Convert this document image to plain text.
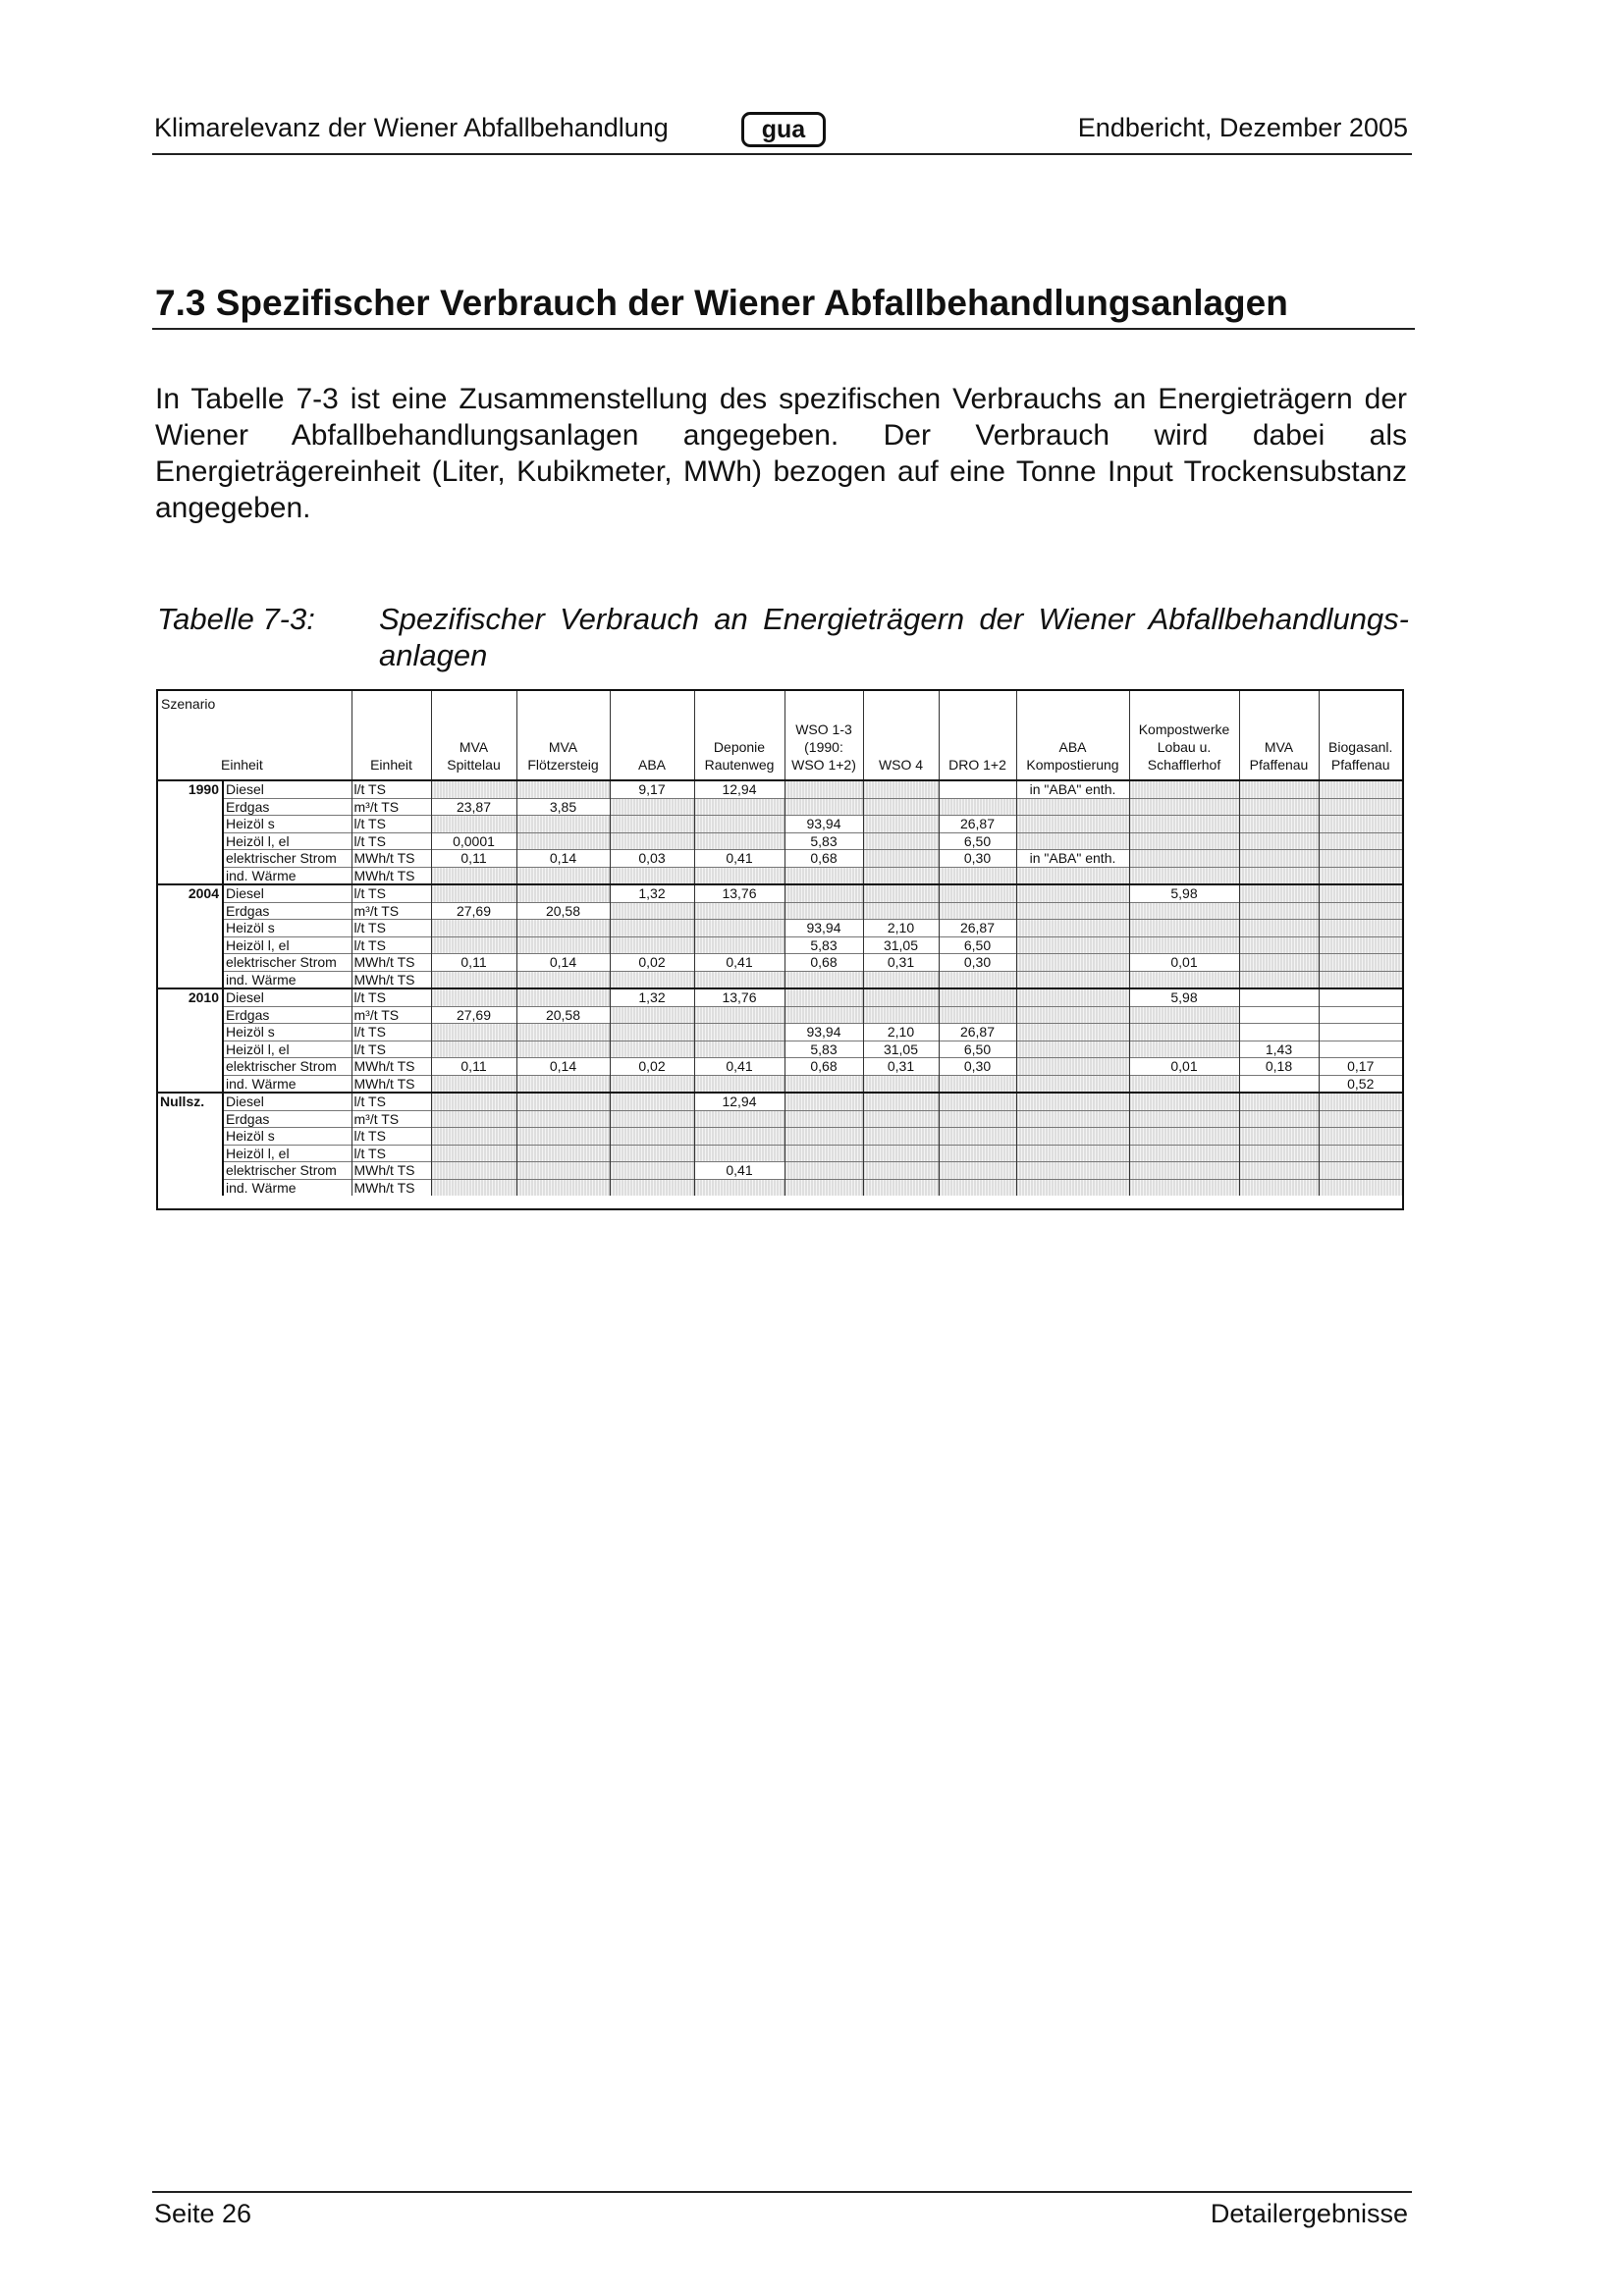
Klimarelevanz der Wiener Abfallbehandlung	gua	Endbericht, Dezember 2005
7.3 Spezifischer Verbrauch der Wiener Abfallbehandlungsanlagen

In Tabelle 7-3 ist eine Zusammenstellung des spezifischen Verbrauchs an Energieträgern der Wiener Abfallbehandlungsanlagen angegeben. Der Verbrauch wird dabei als Energieträgereinheit (Liter, Kubikmeter, MWh) bezogen auf eine Tonne Input Trockensubstanz angegeben.

Tabelle 7-3: Spezifischer Verbrauch an Energieträgern der Wiener Abfallbehandlungs-anlagen
Szenario
Einheit		Einheit	MVA Spittelau	MVA Flötzersteig	ABA	Deponie Rautenweg	WSO 1-3 (1990: WSO 1+2)	WSO 4	DRO 1+2	ABA Kompostierung	Kompostwerke Lobau u. Schafflerhof	MVA Pfaffenau	Biogasanl. Pfaffenau
1990	Diesel	l/t TS			9,17	12,94				in "ABA" enth.			
	Erdgas	m³/t TS	23,87	3,85									
	Heizöl s	l/t TS					93,94		26,87				
	Heizöl l, el	l/t TS	0,0001				5,83		6,50				
	elektrischer Strom	MWh/t TS	0,11	0,14	0,03	0,41	0,68		0,30	in "ABA" enth.			
	ind. Wärme	MWh/t TS											
2004	Diesel	l/t TS			1,32	13,76					5,98		
	Erdgas	m³/t TS	27,69	20,58									
	Heizöl s	l/t TS					93,94	2,10	26,87				
	Heizöl l, el	l/t TS					5,83	31,05	6,50				
	elektrischer Strom	MWh/t TS	0,11	0,14	0,02	0,41	0,68	0,31	0,30		0,01		
	ind. Wärme	MWh/t TS											
2010	Diesel	l/t TS			1,32	13,76					5,98		
	Erdgas	m³/t TS	27,69	20,58									
	Heizöl s	l/t TS					93,94	2,10	26,87				
	Heizöl l, el	l/t TS					5,83	31,05	6,50			1,43	
	elektrischer Strom	MWh/t TS	0,11	0,14	0,02	0,41	0,68	0,31	0,30		0,01	0,18	0,17
	ind. Wärme	MWh/t TS											0,52
Nullsz.	Diesel	l/t TS				12,94							
	Erdgas	m³/t TS											
	Heizöl s	l/t TS											
	Heizöl l, el	l/t TS											
	elektrischer Strom	MWh/t TS				0,41							
	ind. Wärme	MWh/t TS											
Seite 26	Detailergebnisse
